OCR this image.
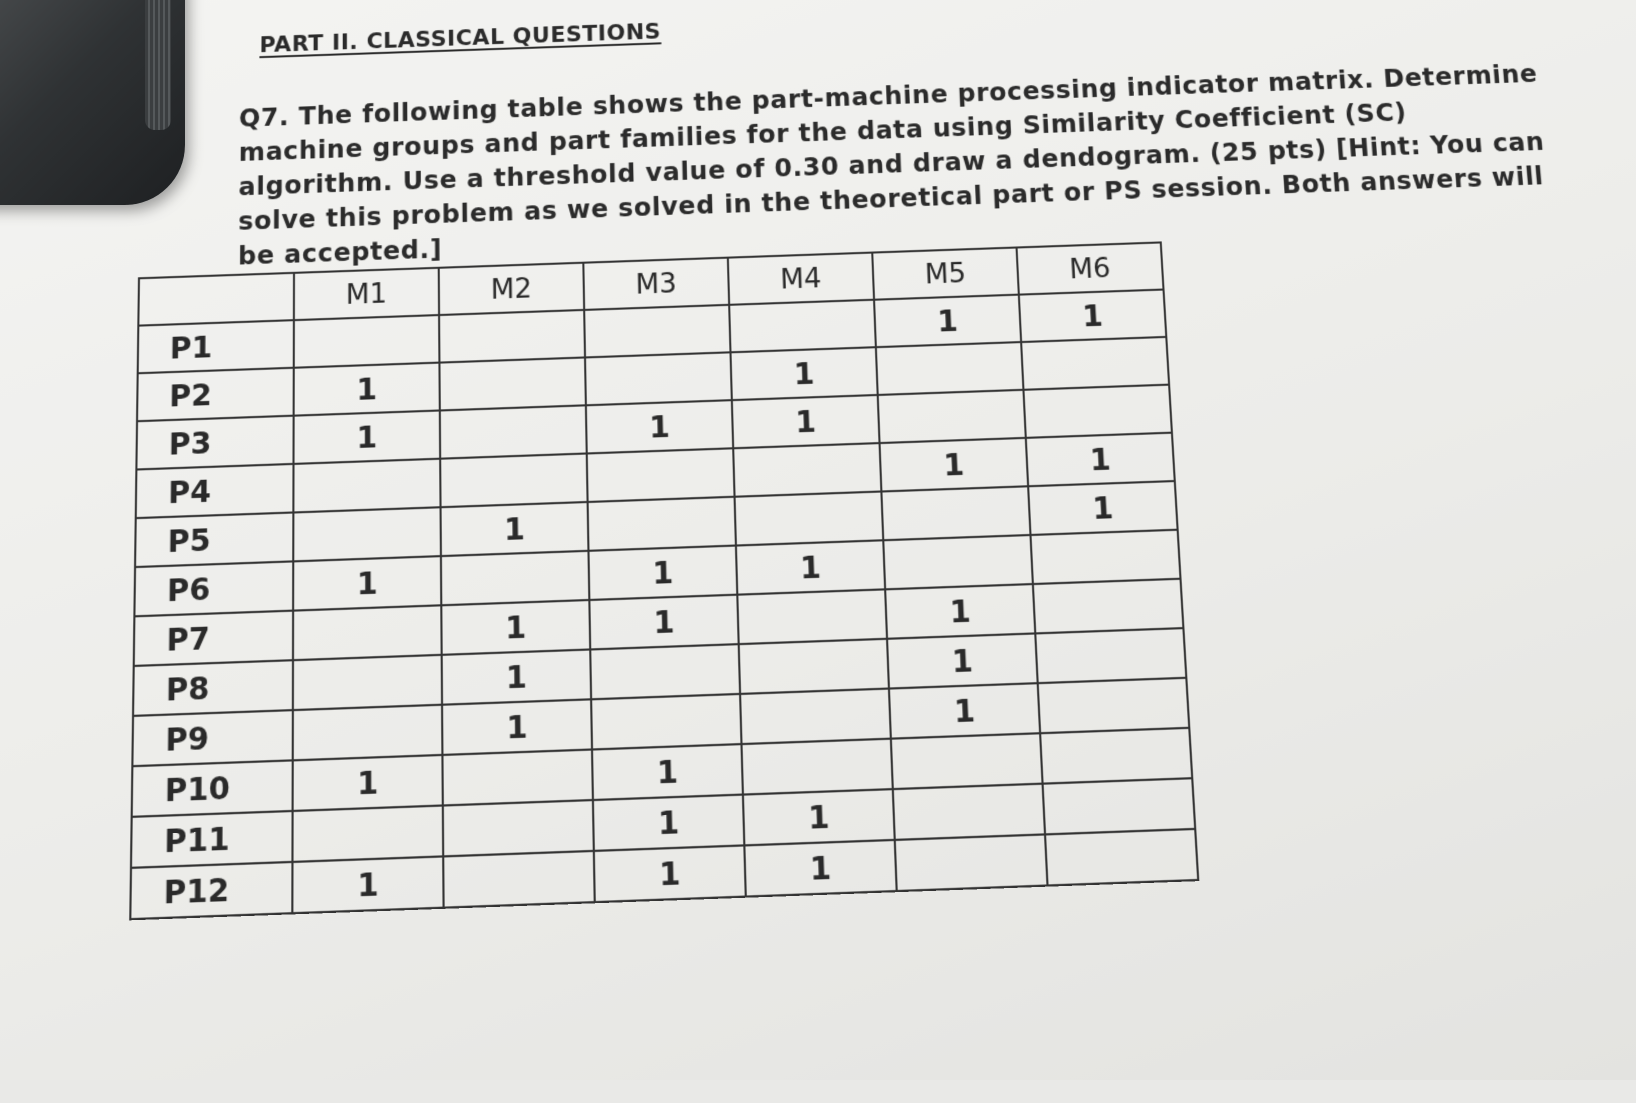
PART II. CLASSICAL QUESTIONS

Q7. The following table shows the part-machine processing indicator matrix. Determine machine groups and part families for the data using Similarity Coefficient (SC) algorithm. Use a threshold value of 0.30 and draw a dendogram. (25 pts) [Hint: You can solve this problem as we solved in the theoretical part or PS session. Both answers will be accepted.]

	M1	M2	M3	M4	M5	M6
P1					1	1
P2	1			1		
P3	1		1	1		
P4					1	1
P5		1				1
P6	1		1	1		
P7		1	1		1	
P8		1			1	
P9		1			1	
P10	1		1			
P11			1	1		
P12	1		1	1		
